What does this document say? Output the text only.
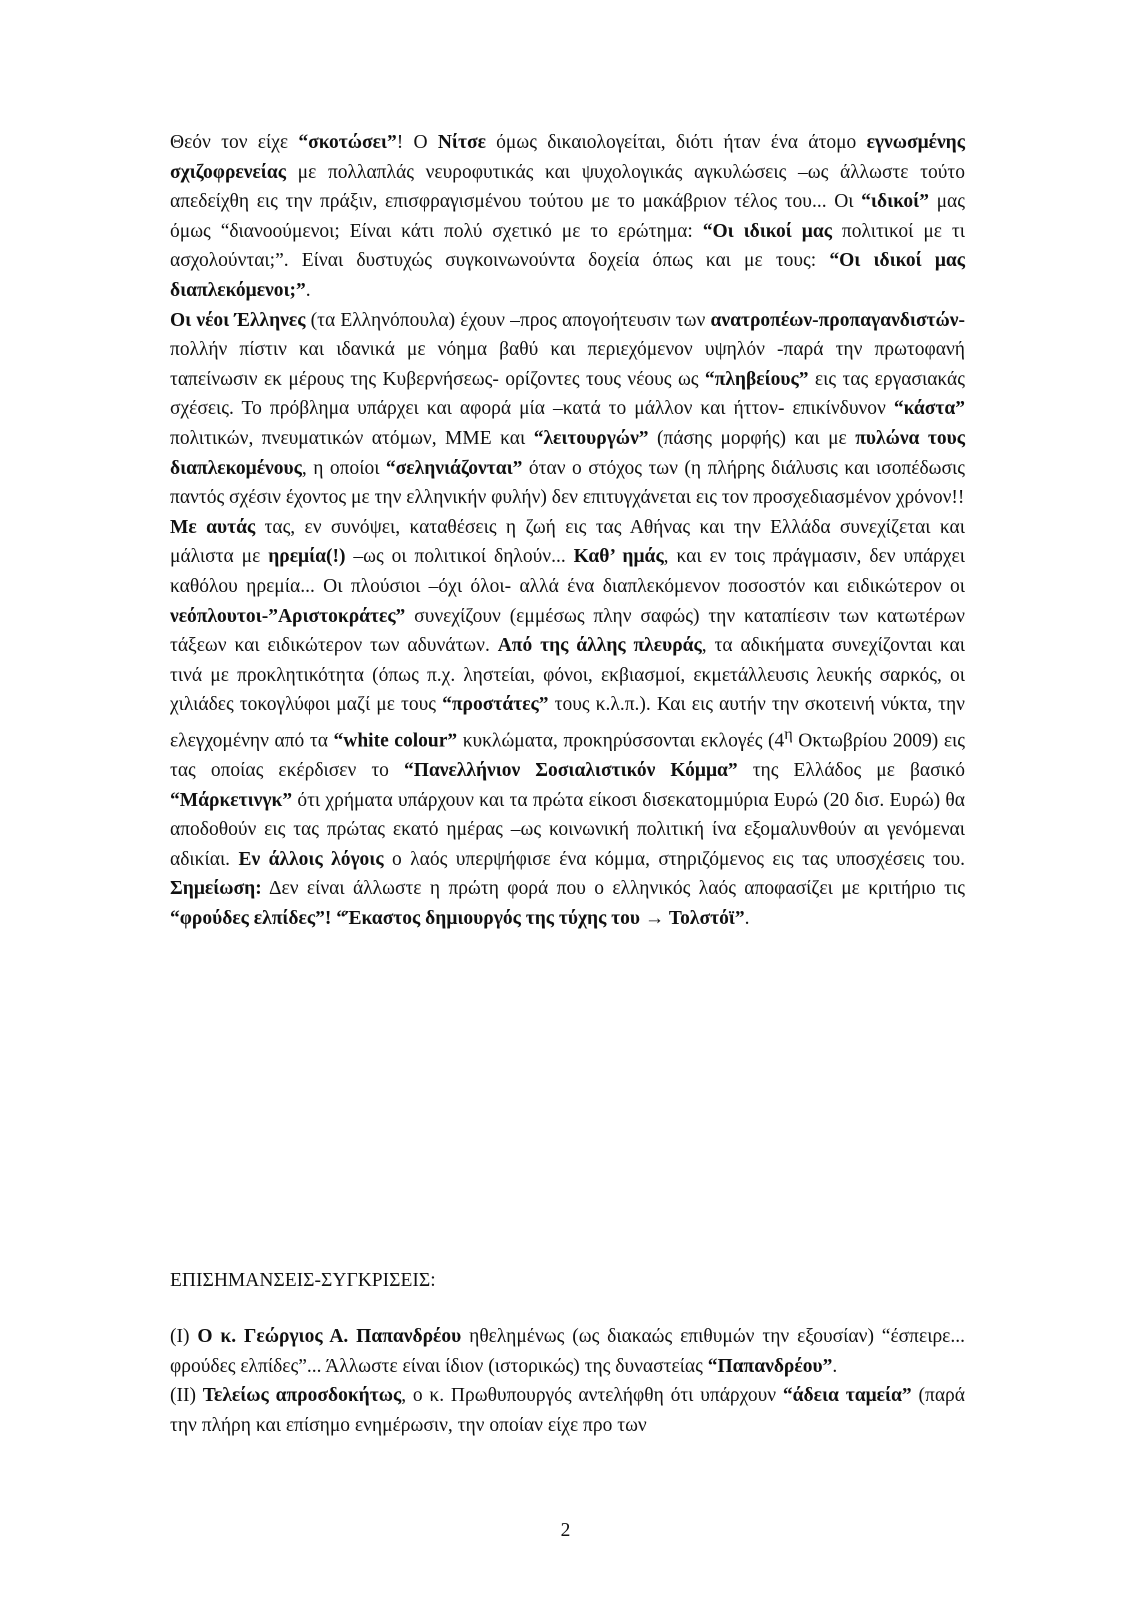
Θεόν τον είχε “σκοτώσει”! Ο Νίτσε όμως δικαιολογείται, διότι ήταν ένα άτομο εγνωσμένης σχιζοφρενείας με πολλαπλάς νευροφυτικάς και ψυχολογικάς αγκυλώσεις –ως άλλωστε τούτο απεδείχθη εις την πράξιν, επισφραγισμένου τούτου με το μακάβριον τέλος του... Οι “ιδικοί” μας όμως “διανοούμενοι; Είναι κάτι πολύ σχετικό με το ερώτημα: “Οι ιδικοί μας πολιτικοί με τι ασχολούνται;”. Είναι δυστυχώς συγκοινωνούντα δοχεία όπως και με τους: “Οι ιδικοί μας διαπλεκόμενοι;”.

Οι νέοι Έλληνες (τα Ελληνόπουλα) έχουν –προς απογοήτευσιν των ανατροπέων-προπαγανδιστών- πολλήν πίστιν και ιδανικά με νόημα βαθύ και περιεχόμενον υψηλόν -παρά την πρωτοφανή ταπείνωσιν εκ μέρους της Κυβερνήσεως- ορίζοντες τους νέους ως “πληβείους” εις τας εργασιακάς σχέσεις. Το πρόβλημα υπάρχει και αφορά μία –κατά το μάλλον και ήττον- επικίνδυνον “κάστα” πολιτικών, πνευματικών ατόμων, ΜΜΕ και “λειτουργών” (πάσης μορφής) και με πυλώνα τους διαπλεκομένους, η οποίοι “σεληνιάζονται” όταν ο στόχος των (η πλήρης διάλυσις και ισοπέδωσις παντός σχέσιν έχοντος με την ελληνικήν φυλήν) δεν επιτυγχάνεται εις τον προσχεδιασμένον χρόνον!!

Με αυτάς τας, εν συνόψει, καταθέσεις η ζωή εις τας Αθήνας και την Ελλάδα συνεχίζεται και μάλιστα με ηρεμία(!) –ως οι πολιτικοί δηλούν... Καθ’ ημάς, και εν τοις πράγμασιν, δεν υπάρχει καθόλου ηρεμία... Οι πλούσιοι –όχι όλοι- αλλά ένα διαπλεκόμενον ποσοστόν και ειδικώτερον οι νεόπλουτοι-”Αριστοκράτες” συνεχίζουν (εμμέσως πλην σαφώς) την καταπίεσιν των κατωτέρων τάξεων και ειδικώτερον των αδυνάτων. Από της άλλης πλευράς, τα αδικήματα συνεχίζονται και τινά με προκλητικότητα (όπως π.χ. ληστείαι, φόνοι, εκβιασμοί, εκμετάλλευσις λευκής σαρκός, οι χιλιάδες τοκογλύφοι μαζί με τους “προστάτες” τους κ.λ.π.). Και εις αυτήν την σκοτεινή νύκτα, την ελεγχομένην από τα “white colour” κυκλώματα, προκηρύσσονται εκλογές ($4^\eta$ Οκτωβρίου 2009) εις τας οποίας εκέρδισεν το “Πανελλήνιον Σοσιαλιστικόν Κόμμα” της Ελλάδος με βασικό “Μάρκετινγκ” ότι χρήματα υπάρχουν και τα πρώτα είκοσι δισεκατομμύρια Ευρώ (20 δισ. Ευρώ) θα αποδοθούν εις τας πρώτας εκατό ημέρας –ως κοινωνική πολιτική ίνα εξομαλυνθούν αι γενόμεναι αδικίαι. Εν άλλοις λόγοις ο λαός υπερψήφισε ένα κόμμα, στηριζόμενος εις τας υποσχέσεις του. Σημείωση: Δεν είναι άλλωστε η πρώτη φορά που ο ελληνικός λαός αποφασίζει με κριτήριο τις “φρούδες ελπίδες”! “Έκαστος δημιουργός της τύχης του → Τολστόϊ”.

ΕΠΙΣΗΜΑΝΣΕΙΣ-ΣΥΓΚΡΙΣΕΙΣ:

(Ι) Ο κ. Γεώργιος Α. Παπανδρέου ηθελημένως (ως διακαώς επιθυμών την εξουσίαν) “έσπειρε... φρούδες ελπίδες”... Άλλωστε είναι ίδιον (ιστορικώς) της δυναστείας “Παπανδρέου”.

(ΙΙ) Τελείως απροσδοκήτως, ο κ. Πρωθυπουργός αντελήφθη ότι υπάρχουν “άδεια ταμεία” (παρά την πλήρη και επίσημο ενημέρωσιν, την οποίαν είχε προ των

2
